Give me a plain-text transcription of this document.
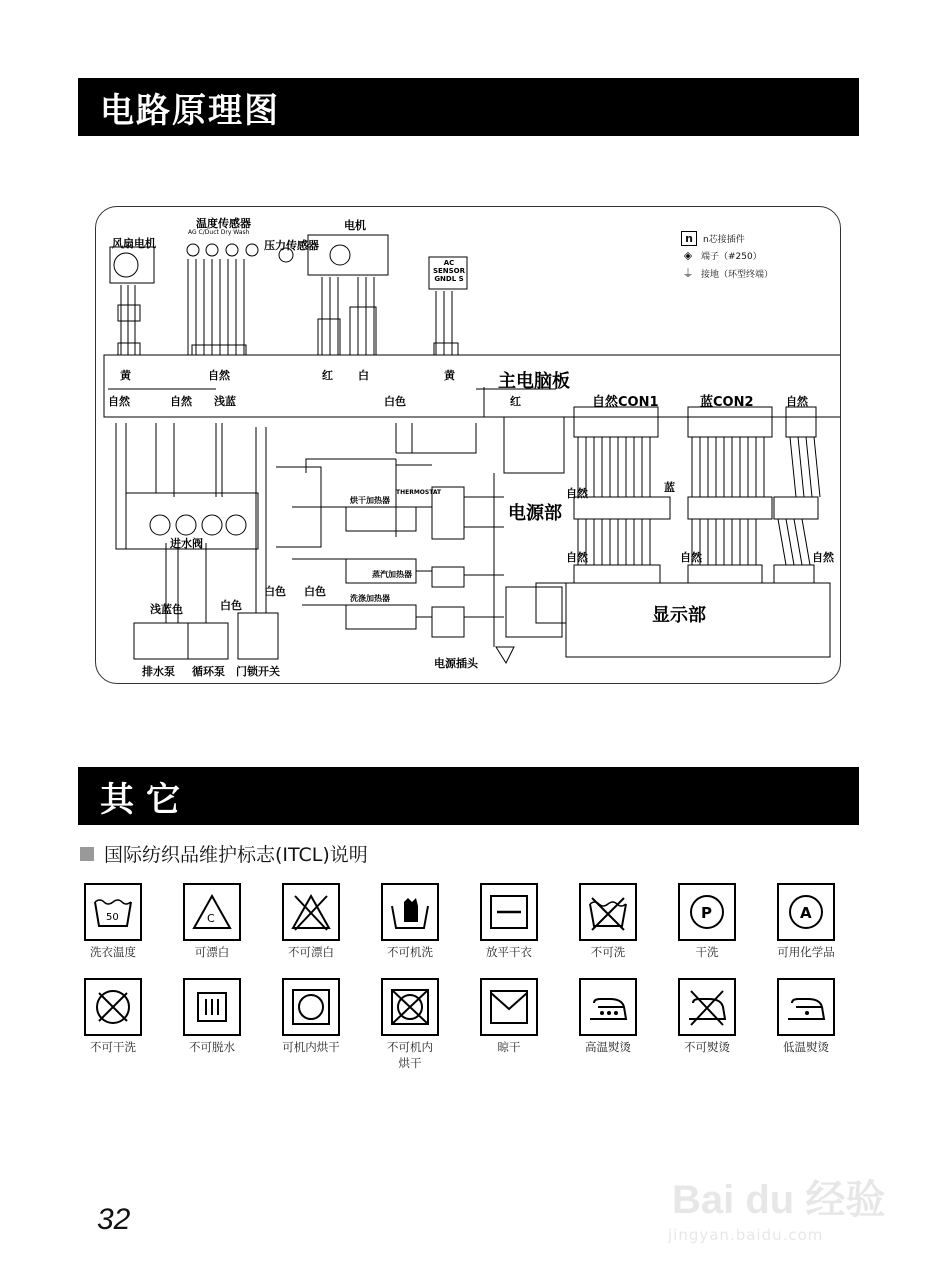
电路原理图
风扇电机
温度传感器
AG C/Duct Dry Wash
压力传感器
电机
AC SENSOR GNDL S
黄	自然	红 白	黄 主电脑板
自然	自然 浅蓝	白色	红	自然CON1	蓝CON2	自然
电源部
显示部
自然	蓝
自然	自然	自然
进水阀
浅蓝色	白色
白色 白色
排水泵 循环泵 门锁开关
电源插头
烘干加热器
THERMOSTAT
蒸汽加热器
洗涤加热器
n	n芯接插件
◈ 端子（#250）
⏚ 接地（环型终端）
其它
国际纺织品维护标志(ITCL)说明
50
洗衣温度
C
可漂白	不可漂白	不可机洗	放平干衣	不可洗
P
干洗
A
可用化学品
不可干洗	不可脱水	可机内烘干	不可机内
烘干
晾干	高温熨烫	不可熨烫	低温熨烫
32	Bai du 经验
jingyan.baidu.com
